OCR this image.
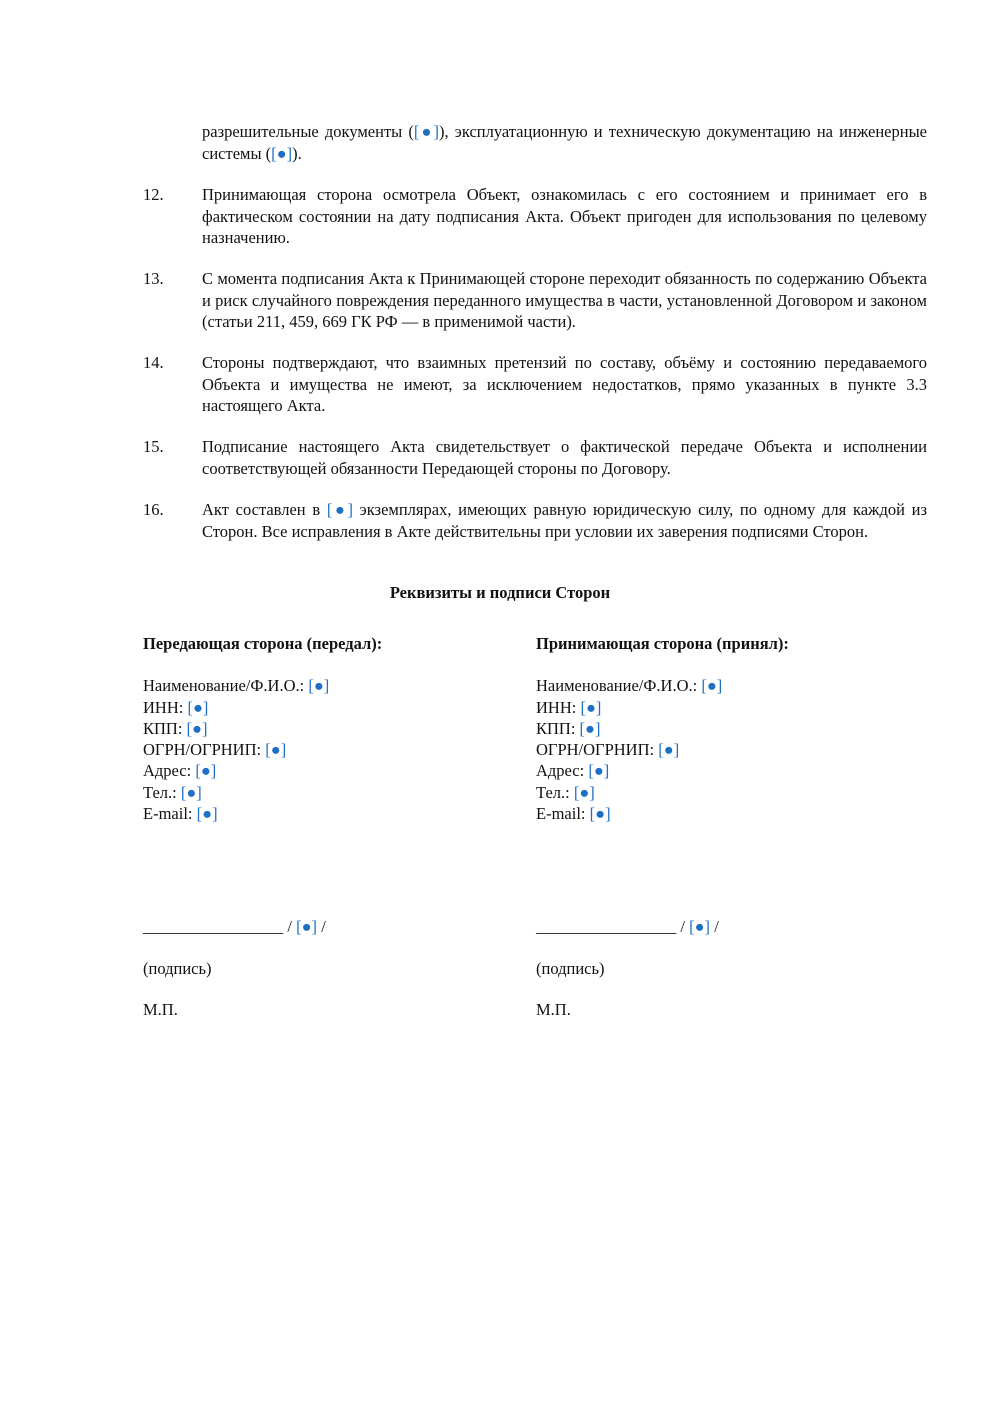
разрешительные документы ([●]), эксплуатационную и техническую документацию на инженерные системы ([●]).

12. Принимающая сторона осмотрела Объект, ознакомилась с его состоянием и принимает его в фактическом состоянии на дату подписания Акта. Объект пригоден для использования по целевому назначению.

13. С момента подписания Акта к Принимающей стороне переходит обязанность по содержанию Объекта и риск случайного повреждения переданного имущества в части, установленной Договором и законом (статьи 211, 459, 669 ГК РФ — в применимой части).

14. Стороны подтверждают, что взаимных претензий по составу, объёму и состоянию передаваемого Объекта и имущества не имеют, за исключением недостатков, прямо указанных в пункте 3.3 настоящего Акта.

15. Подписание настоящего Акта свидетельствует о фактической передаче Объекта и исполнении соответствующей обязанности Передающей стороны по Договору.

16. Акт составлен в [●] экземплярах, имеющих равную юридическую силу, по одному для каждой из Сторон. Все исправления в Акте действительны при условии их заверения подписями Сторон.

Реквизиты и подписи Сторон
Передающая сторона (передал):
Наименование/Ф.И.О.: [●]
ИНН: [●]
КПП: [●]
ОГРН/ОГРНИП: [●]
Адрес: [●]
Тел.: [●]
E-mail: [●]
Принимающая сторона (принял):
Наименование/Ф.И.О.: [●]
ИНН: [●]
КПП: [●]
ОГРН/ОГРНИП: [●]
Адрес: [●]
Тел.: [●]
E-mail: [●]
_________________ / [●] /
(подпись)
М.П.
_________________ / [●] /
(подпись)
М.П.
